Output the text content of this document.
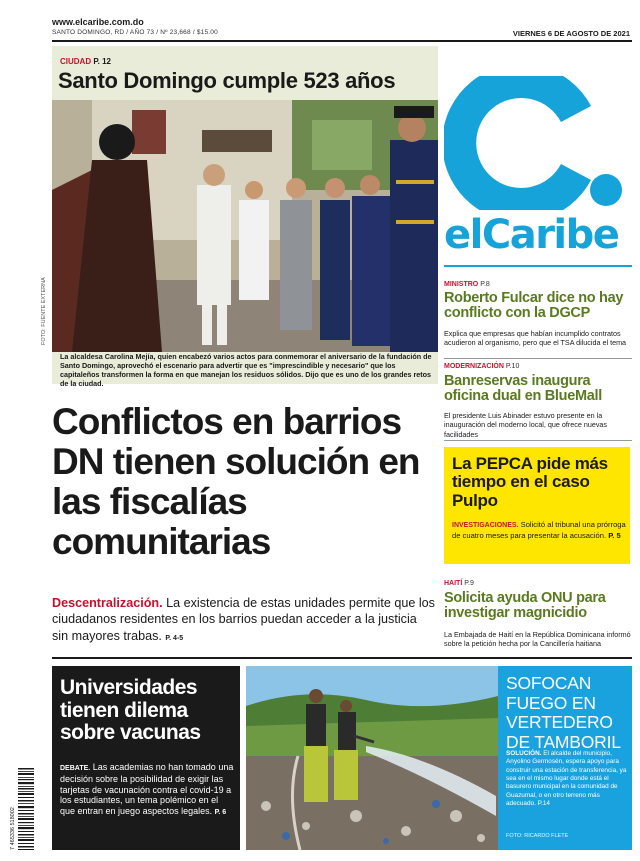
www.elcaribe.com.do
SANTO DOMINGO, RD / AÑO 73 / Nº 23,668 / $15.00	VIERNES 6 DE AGOSTO DE 2021
CIUDAD P. 12
Santo Domingo cumple 523 años
FOTO: FUENTE EXTERNA
La alcaldesa Carolina Mejía, quien encabezó varios actos para conmemorar el aniversario de la fundación de Santo Domingo, aprovechó el escenario para advertir que es "imprescindible y necesario" que los capitaleños transformen la forma en que manejan los residuos sólidos. Dijo que es uno de los grandes retos de la ciudad.
elCaribe
MINISTRO P.8
Roberto Fulcar dice no hay conflicto con la DGCP
Explica que empresas que habían incumplido contratos acudieron al organismo, pero que el TSA dilucida el tema
MODERNIZACIÓN P.10
Banreservas inaugura oficina dual en BlueMall
El presidente Luis Abinader estuvo presente en la inauguración del moderno local, que ofrece nuevas facilidades
La PEPCA pide más tiempo en el caso Pulpo
INVESTIGACIONES. Solicitó al tribunal una prórroga de cuatro meses para presentar la acusación. P. 5
HAITÍ P.9
Solicita ayuda ONU para investigar magnicidio
La Embajada de Haití en la República Dominicana informó sobre la petición hecha por la Cancillería haitiana
Conflictos en barrios DN tienen solución en las fiscalías comunitarias
Descentralización. La existencia de estas unidades permite que los ciudadanos residentes en los barrios puedan acceder a la justicia sin mayores trabas. P. 4-5
Universidades tienen dilema sobre vacunas
DEBATE. Las academias no han tomado una decisión sobre la posibilidad de exigir las tarjetas de vacunación contra el covid-19 a los estudiantes, un tema polémico en el que entran en juego aspectos legales. P. 6
7 465336 518002
SOFOCAN FUEGO EN VERTEDERO DE TAMBORIL
SOLUCIÓN. El alcalde del municipio, Anyolino Germosén, espera apoyo para construir una estación de transferencia, ya sea en el mismo lugar donde está el basurero municipal en la comunidad de Guazumal, o en otro terreno más adecuado. P.14
FOTO: RICARDO FLETE
